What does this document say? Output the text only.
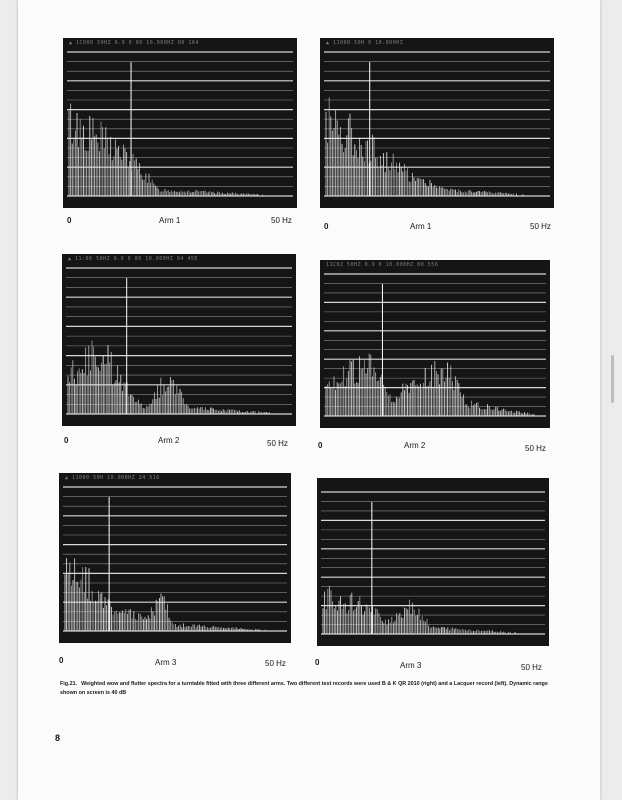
▲ 1C000 50HZ 0.9 0 80 10.000HZ 00 164
0	Arm 1	50 Hz
▲ 11000 50H 0 10.000HZ
0	Arm 1	50 Hz
▲ 11:06 50HZ 0.9 0 80 10.000HZ 04 45E
0	Arm 2	50 Hz
11C02 50HZ 0.9 0 10.000HZ 00 556
0	Arm 2	50 Hz
▲ 11000 50H 10.000HZ 24 516
0	Arm 3	50 Hz	0	Arm 3	50 Hz
Fig.21. Weighted wow and flutter spectra for a turntable fitted with three different arms. Two different test records were used B & K QR 2010 (right) and a Lacquer record (left). Dynamic range shown on screen is 40 dB
8
